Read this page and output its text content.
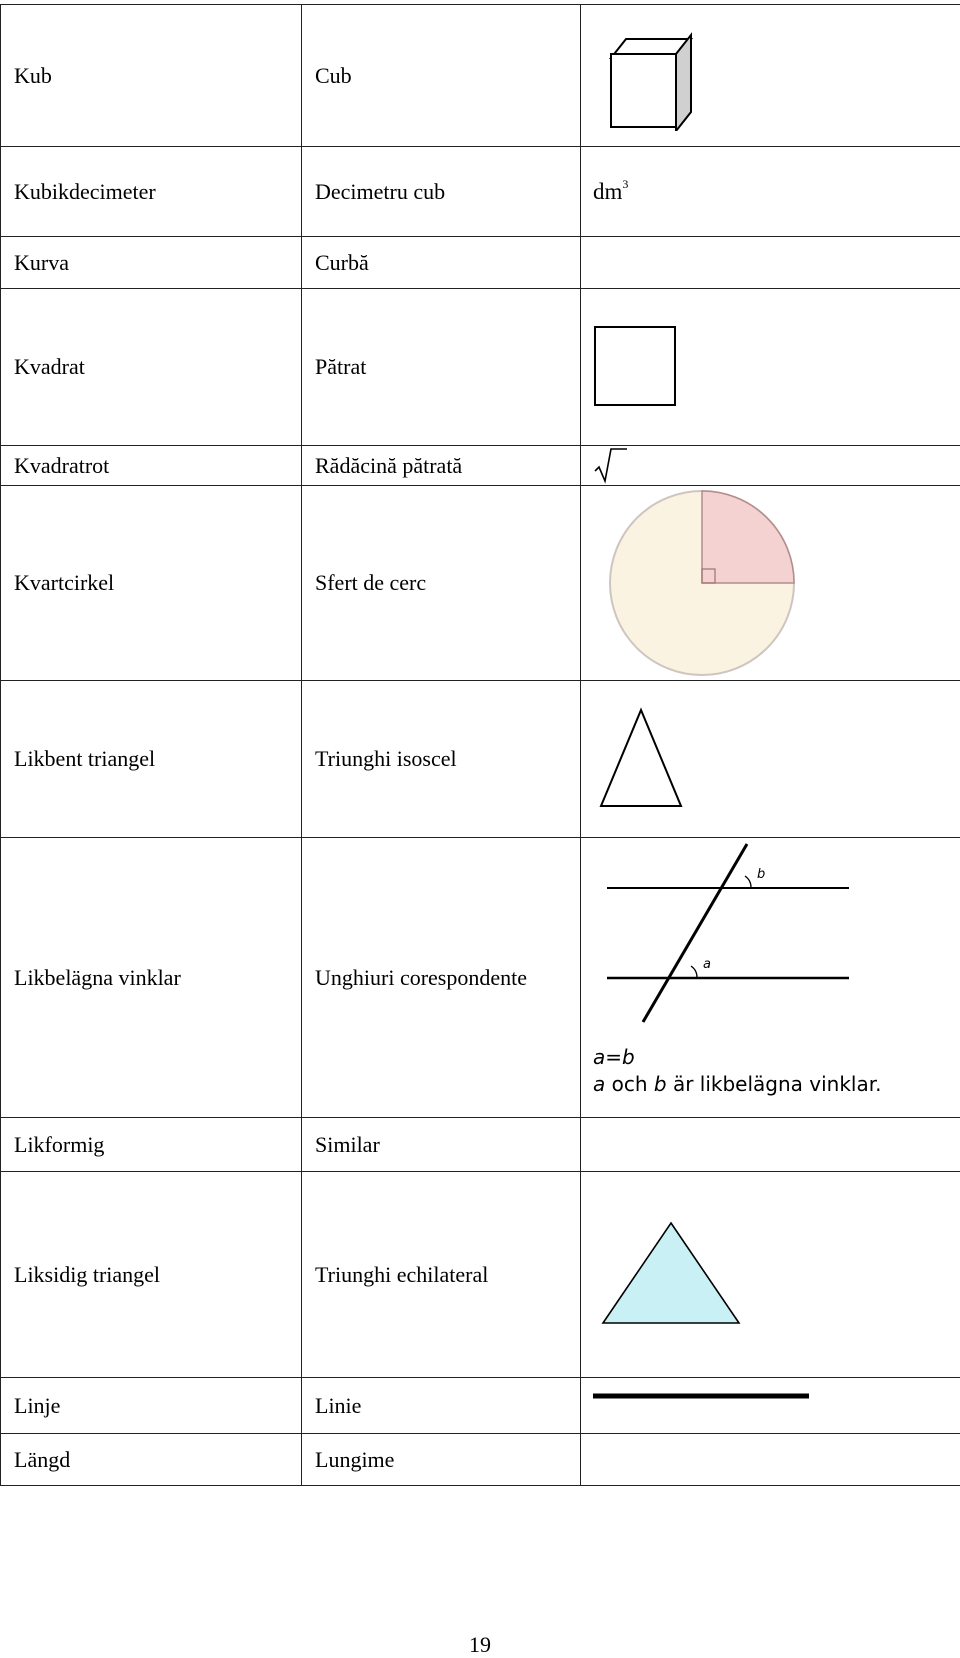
Kub	Cub	

Kubikdecimeter	Decimetru cub	$dm^3$
Kurva	Curbă	
Kvadrat	Pătrat	

Kvadratrot	Rădăcină pătrată	

Kvartcirkel	Sfert de cerc	

Likbent triangel	Triunghi isoscel	

Likbelägna vinklar	Unghiuri corespondente	b
a
a=b
a och b är likbelägna vinklar.

Likformig	Similar	
Liksidig triangel	Triunghi echilateral	

Linje	Linie	

Längd	Lungime	
19
